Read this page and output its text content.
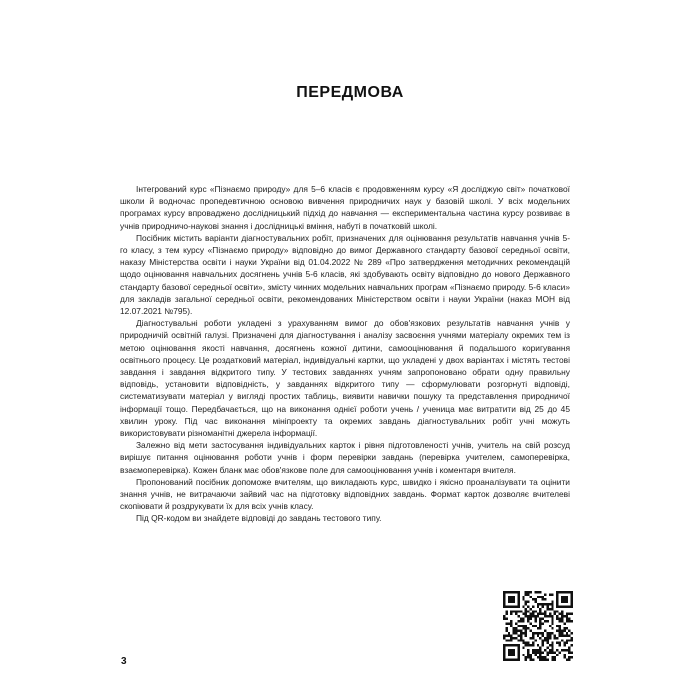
ПЕРЕДМОВА

Інтегрований курс «Пізнаємо природу» для 5–6 класів є продовженням курсу «Я досліджую світ» початкової школи й водночас пропедевтичною основою вивчення природничих наук у базовій школі. У всіх модельних програмах курсу впроваджено дослідницький підхід до навчання — експериментальна частина курсу розвиває в учнів природничо-наукові знання і дослідницькі вміння, набуті в початковій школі.

Посібник містить варіанти діагностувальних робіт, призначених для оцінювання результатів навчання учнів 5-го класу, з тем курсу «Пізнаємо природу» відповідно до вимог Державного стандарту базової середньої освіти, наказу Міністерства освіти і науки України від 01.04.2022 № 289 «Про затвердження методичних рекомендацій щодо оцінювання навчальних досягнень учнів 5-6 класів, які здобувають освіту відповідно до нового Державного стандарту базової середньої освіти», змісту чинних модельних навчальних програм «Пізнаємо природу. 5-6 класи» для закладів загальної середньої освіти, рекомендованих Міністерством освіти і науки України (наказ МОН від 12.07.2021 №795).

Діагностувальні роботи укладені з урахуванням вимог до обов'язкових результатів навчання учнів у природничій освітній галузі. Призначені для діагностування і аналізу засвоєння учнями матеріалу окремих тем із метою оцінювання якості навчання, досягнень кожної дитини, самооцінювання й подальшого коригування освітнього процесу. Це роздатковий матеріал, індивідуальні картки, що укладені у двох варіантах і містять тестові завдання і завдання відкритого типу. У тестових завданнях учням запропоновано обрати одну правильну відповідь, установити відповідність, у завданнях відкритого типу — сформулювати розгорнуті відповіді, систематизувати матеріал у вигляді простих таблиць, виявити навички пошуку та представлення природничої інформації тощо. Передбачається, що на виконання однієї роботи учень / ученица має витратити від 25 до 45 хвилин уроку. Під час виконання мініпроекту та окремих завдань діагностувальних робіт учні можуть використовувати різноманітні джерела інформації.

Залежно від мети застосування індивідуальних карток і рівня підготовленості учнів, учитель на свій розсуд вирішує питання оцінювання роботи учнів і форм перевірки завдань (перевірка учителем, самоперевірка, взаємоперевірка). Кожен бланк має обов'язкове поле для самооцінювання учнів і коментаря вчителя.

Пропонований посібник допоможе вчителям, що викладають курс, швидко і якісно проаналізувати та оцінити знання учнів, не витрачаючи зайвий час на підготовку відповідних завдань. Формат карток дозволяє вчителеві скопіювати й роздрукувати їх для всіх учнів класу.

Під QR-кодом ви знайдете відповіді до завдань тестового типу.

3
